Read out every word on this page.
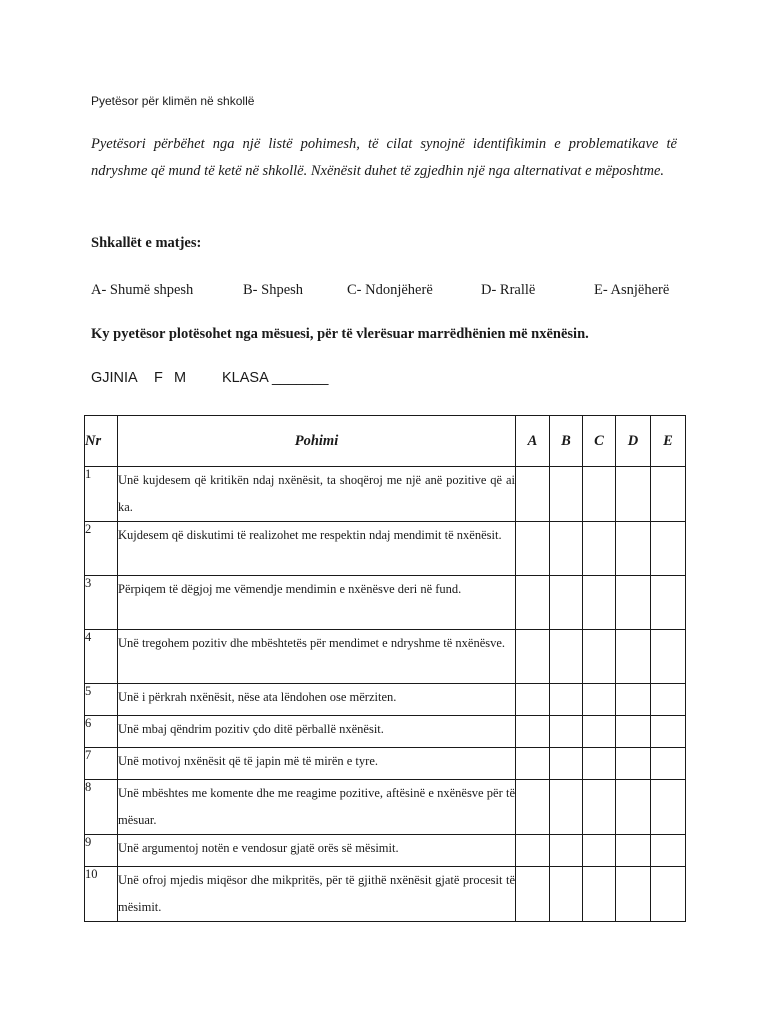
Pyetësor për klimën në shkollë

Pyetësori përbëhet nga një listë pohimesh, të cilat synojnë identifikimin e problematikave të ndryshme që mund të ketë në shkollë. Nxënësit duhet të zgjedhin një nga alternativat e mëposhtme.

Shkallët e matjes:

A- Shumë shpesh	B- Shpesh	C- Ndonjëherë	D- Rrallë	E- Asnjëherë

Ky pyetësor plotësohet nga mësuesi, për të vlerësuar marrëdhënien më nxënësin.

GJINIA F M KLASA _______
Nr	Pohimi	A	B	C	D	E
1	Unë kujdesem që kritikën ndaj nxënësit, ta shoqëroj me një anë pozitive që ai ka.					
2	Kujdesem që diskutimi të realizohet me respektin ndaj mendimit të nxënësit.					
3	Përpiqem të dëgjoj me vëmendje mendimin e nxënësve deri në fund.					
4	Unë tregohem pozitiv dhe mbështetës për mendimet e ndryshme të nxënësve.					
5	Unë i përkrah nxënësit, nëse ata lëndohen ose mërziten.					
6	Unë mbaj qëndrim pozitiv çdo ditë përballë nxënësit.					
7	Unë motivoj nxënësit që të japin më të mirën e tyre.					
8	Unë mbështes me komente dhe me reagime pozitive, aftësinë e nxënësve për të mësuar.					
9	Unë argumentoj notën e vendosur gjatë orës së mësimit.					
10	Unë ofroj mjedis miqësor dhe mikpritës, për të gjithë nxënësit gjatë procesit të mësimit.					
